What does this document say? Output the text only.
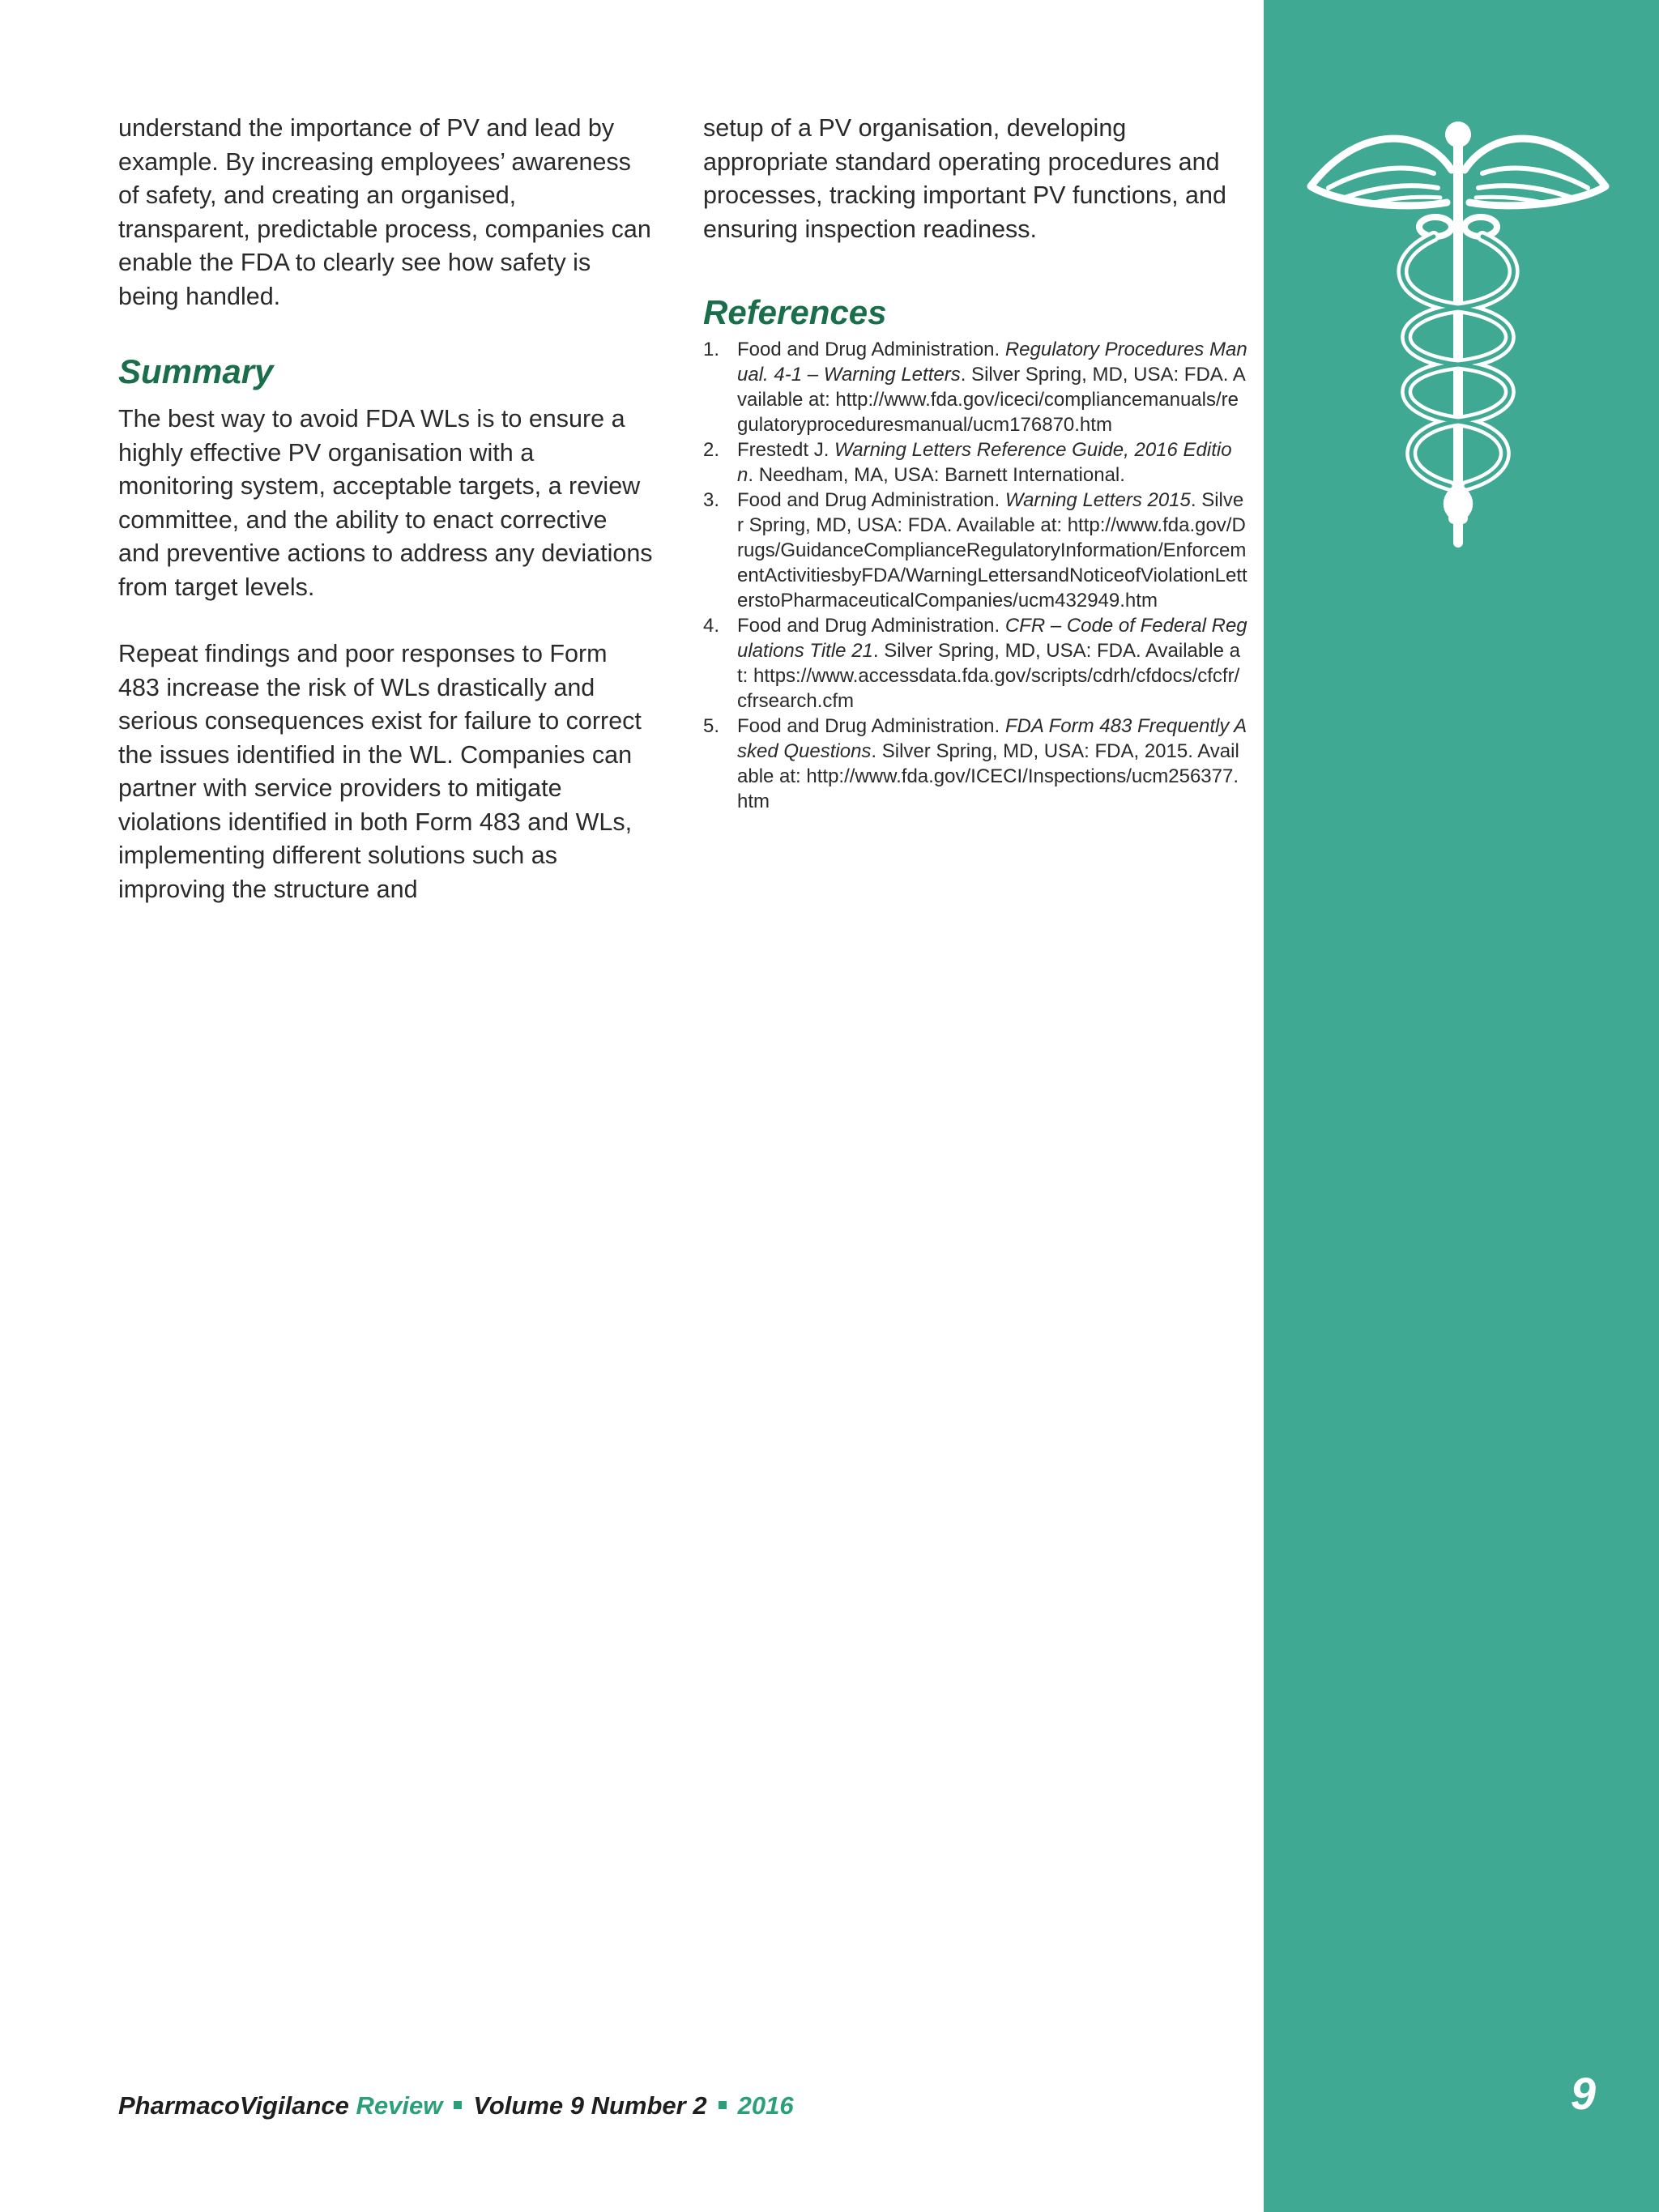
9

understand the importance of PV and lead by example. By increasing employees’ awareness of safety, and creating an organised, transparent, predictable process, companies can enable the FDA to clearly see how safety is being handled.

Summary

The best way to avoid FDA WLs is to ensure a highly effective PV organisation with a monitoring system, acceptable targets, a review committee, and the ability to enact corrective and preventive actions to address any deviations from target levels.

Repeat findings and poor responses to Form 483 increase the risk of WLs drastically and serious consequences exist for failure to correct the issues identified in the WL. Companies can partner with service providers to mitigate violations identified in both Form 483 and WLs, implementing different solutions such as improving the structure and

setup of a PV organisation, developing appropriate standard operating procedures and processes, tracking important PV functions, and ensuring inspection readiness.

References
1. Food and Drug Administration. Regulatory Procedures Manual. 4-1 – Warning Letters. Silver Spring, MD, USA: FDA. Available at: http://www.fda.gov/iceci/compliancemanuals/regulatoryproceduresmanual/ucm176870.htm
2. Frestedt J. Warning Letters Reference Guide, 2016 Edition. Needham, MA, USA: Barnett International.
3. Food and Drug Administration. Warning Letters 2015. Silver Spring, MD, USA: FDA. Available at: http://www.fda.gov/Drugs/GuidanceComplianceRegulatoryInformation/EnforcementActivitiesbyFDA/WarningLettersandNoticeofViolationLetterstoPharmaceuticalCompanies/ucm432949.htm
4. Food and Drug Administration. CFR – Code of Federal Regulations Title 21. Silver Spring, MD, USA: FDA. Available at: https://www.accessdata.fda.gov/scripts/cdrh/cfdocs/cfcfr/cfrsearch.cfm
5. Food and Drug Administration. FDA Form 483 Frequently Asked Questions. Silver Spring, MD, USA: FDA, 2015. Available at: http://www.fda.gov/ICECI/Inspections/ucm256377.htm
PharmacoVigilance Review Volume 9 Number 2 2016
